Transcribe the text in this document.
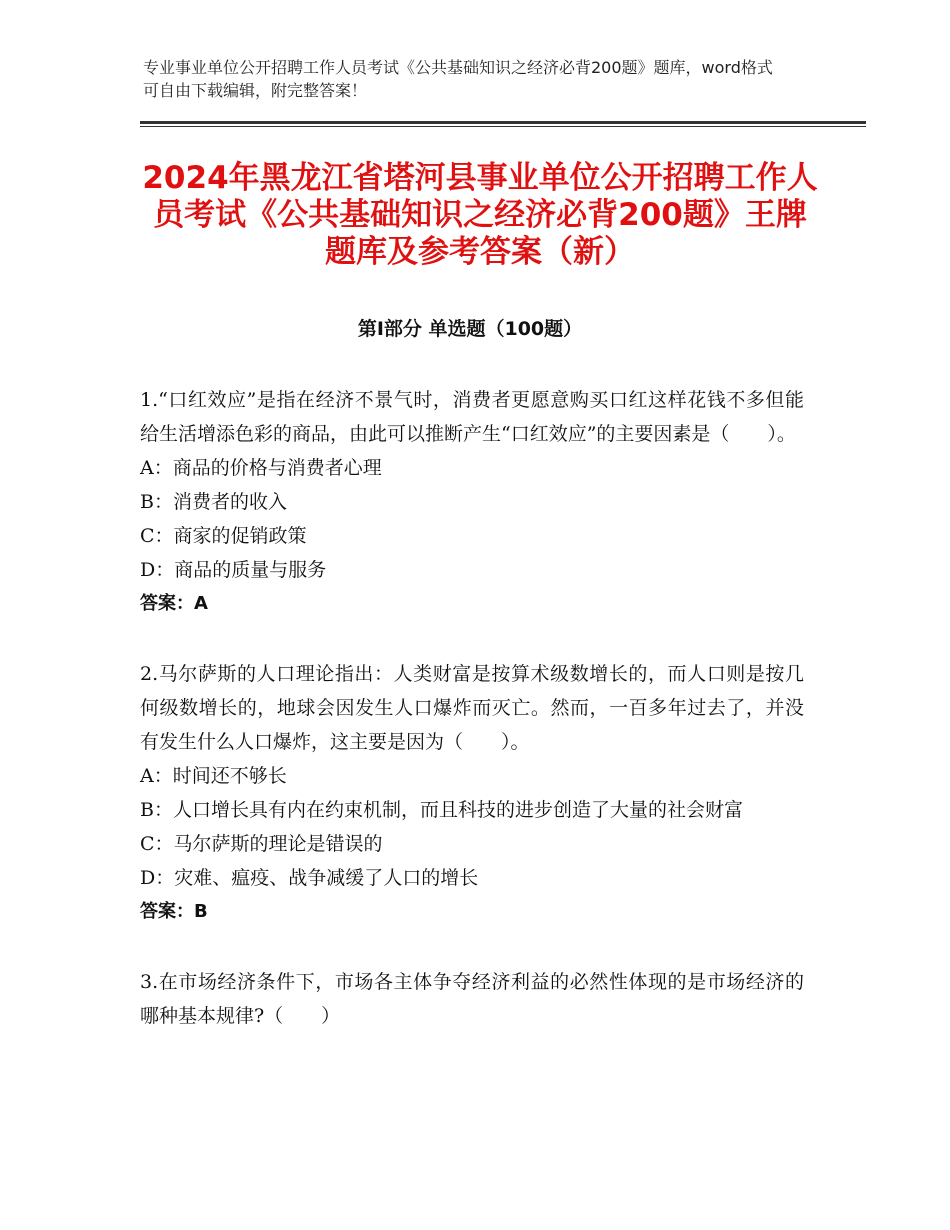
专业事业单位公开招聘工作人员考试《公共基础知识之经济必背200题》题库，word格式可自由下载编辑，附完整答案！
2024年黑龙江省塔河县事业单位公开招聘工作人员考试《公共基础知识之经济必背200题》王牌题库及参考答案（新）
第Ⅰ部分 单选题（100题）
1.“口红效应”是指在经济不景气时，消费者更愿意购买口红这样花钱不多但能给生活增添色彩的商品，由此可以推断产生“口红效应”的主要因素是（　　）。
A：商品的价格与消费者心理
B：消费者的收入
C：商家的促销政策
D：商品的质量与服务
答案：A
2.马尔萨斯的人口理论指出：人类财富是按算术级数增长的，而人口则是按几何级数增长的，地球会因发生人口爆炸而灭亡。然而，一百多年过去了，并没有发生什么人口爆炸，这主要是因为（　　）。
A：时间还不够长
B：人口增长具有内在约束机制，而且科技的进步创造了大量的社会财富
C：马尔萨斯的理论是错误的
D：灾难、瘟疫、战争减缓了人口的增长
答案：B
3.在市场经济条件下，市场各主体争夺经济利益的必然性体现的是市场经济的哪种基本规律?（　　）
